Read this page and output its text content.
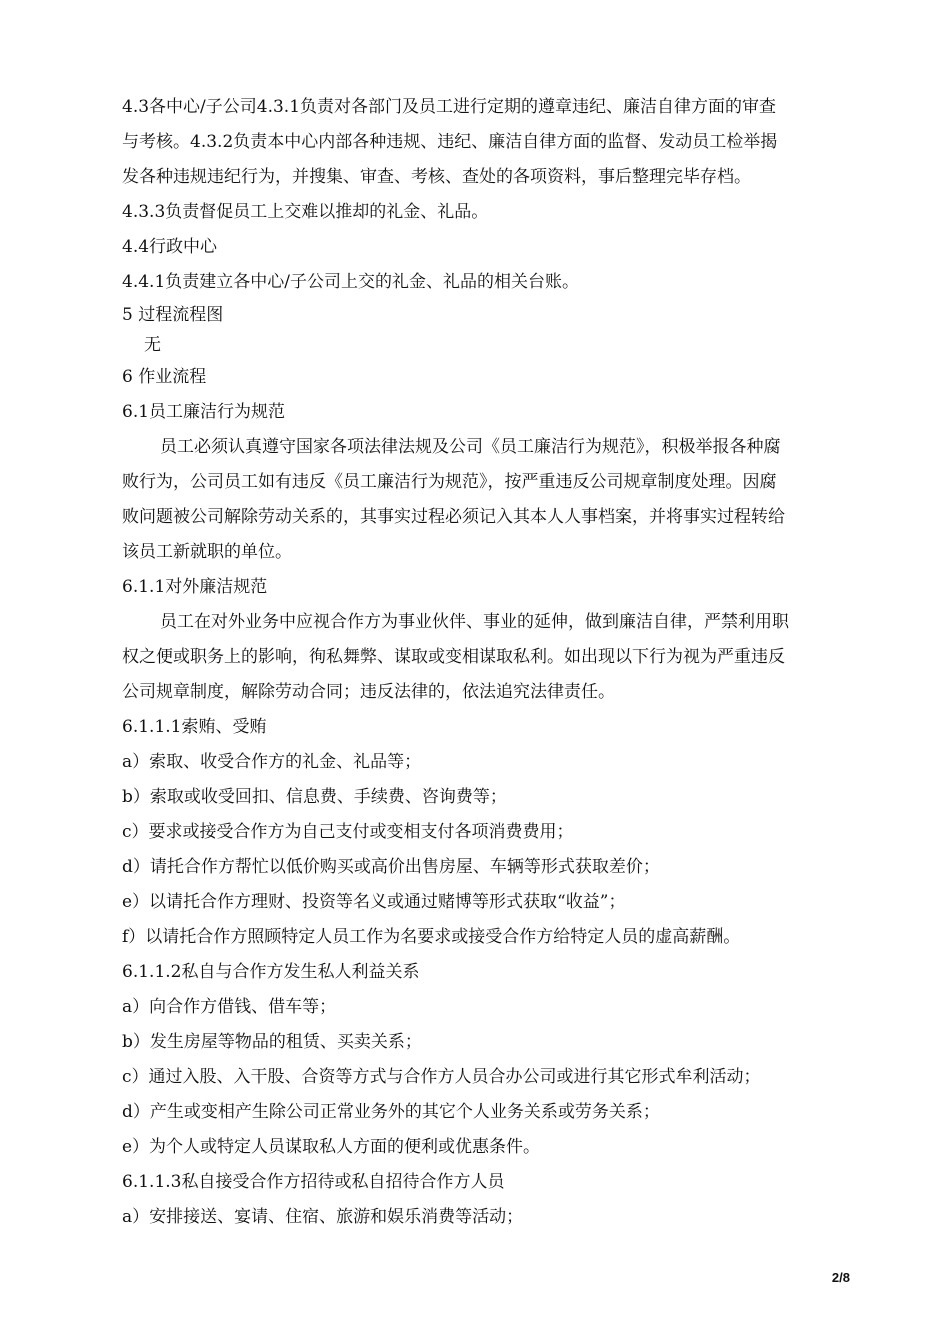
4.3各中心/子公司4.3.1负责对各部门及员工进行定期的遵章违纪、廉洁自律方面的审查
与考核。4.3.2负责本中心内部各种违规、违纪、廉洁自律方面的监督、发动员工检举揭
发各种违规违纪行为，并搜集、审查、考核、查处的各项资料，事后整理完毕存档。
4.3.3负责督促员工上交难以推却的礼金、礼品。
4.4行政中心
4.4.1负责建立各中心/子公司上交的礼金、礼品的相关台账。
5 过程流程图
无
6 作业流程
6.1员工廉洁行为规范
员工必须认真遵守国家各项法律法规及公司《员工廉洁行为规范》，积极举报各种腐
败行为，公司员工如有违反《员工廉洁行为规范》，按严重违反公司规章制度处理。因腐
败问题被公司解除劳动关系的，其事实过程必须记入其本人人事档案，并将事实过程转给
该员工新就职的单位。
6.1.1对外廉洁规范
员工在对外业务中应视合作方为事业伙伴、事业的延伸，做到廉洁自律，严禁利用职
权之便或职务上的影响，徇私舞弊、谋取或变相谋取私利。如出现以下行为视为严重违反
公司规章制度，解除劳动合同；违反法律的，依法追究法律责任。
6.1.1.1索贿、受贿
a）索取、收受合作方的礼金、礼品等；
b）索取或收受回扣、信息费、手续费、咨询费等；
c）要求或接受合作方为自己支付或变相支付各项消费费用；
d）请托合作方帮忙以低价购买或高价出售房屋、车辆等形式获取差价；
e）以请托合作方理财、投资等名义或通过赌博等形式获取“收益”；
f）以请托合作方照顾特定人员工作为名要求或接受合作方给特定人员的虚高薪酬。
6.1.1.2私自与合作方发生私人利益关系
a）向合作方借钱、借车等；
b）发生房屋等物品的租赁、买卖关系；
c）通过入股、入干股、合资等方式与合作方人员合办公司或进行其它形式牟利活动；
d）产生或变相产生除公司正常业务外的其它个人业务关系或劳务关系；
e）为个人或特定人员谋取私人方面的便利或优惠条件。
6.1.1.3私自接受合作方招待或私自招待合作方人员
a）安排接送、宴请、住宿、旅游和娱乐消费等活动；
2/8
